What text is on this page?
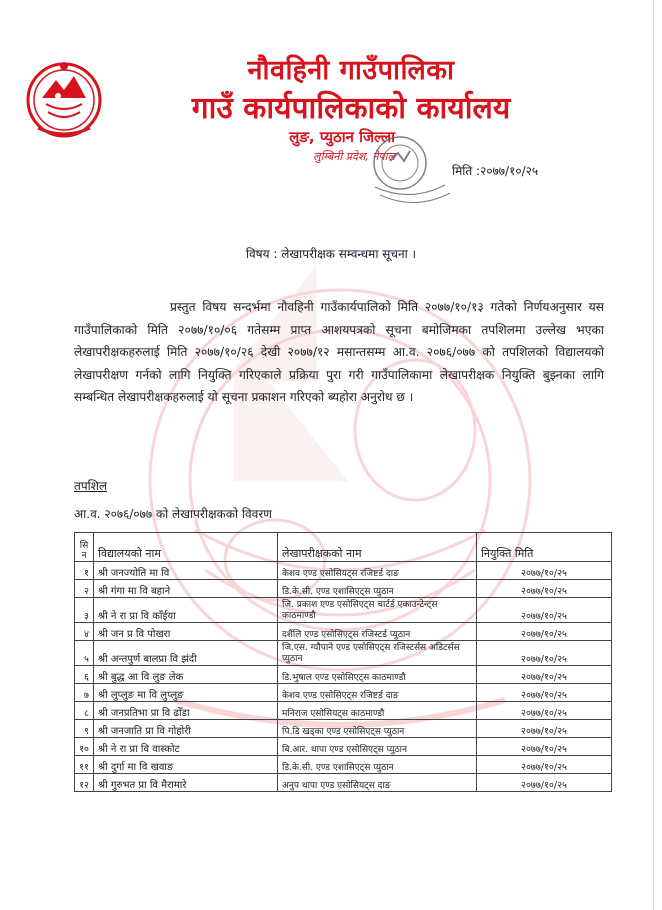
नौवहिनी गाउँपालिका
गाउँ कार्यपालिकाको कार्यालय
लुङ, प्युठान जिल्ला
लुम्बिनी प्रदेश, नेपाल
मिति :२०७७/१०/२५
विषय : लेखापरीक्षक सम्वन्धमा सूचना ।
प्रस्तुत विषय सन्दर्भमा नौवहिनी गाउँकार्यपालिको मिति २०७७/१०/१३ गतेको निर्णयअनुसार यस गाउँपालिकाको मिति २०७७/१०/०६ गतेसम्म प्राप्त आशयपत्रको सूचना बमोजिमका तपशिलमा उल्लेख भएका लेखापरीक्षकहरुलाई मिति २०७७/१०/२६ देखी २०७७/१२ मसान्तसम्म आ.व. २०७६/०७७ को तपशिलको विद्यालयको लेखापरीक्षण गर्नको लागि नियुक्ति गरिएकाले प्रक्रिया पुरा गरी गाउँपालिकामा लेखापरीक्षक नियुक्ति बुझ्नका लागि सम्बन्धित लेखापरीक्षकहरुलाई यो सूचना प्रकाशन गरिएको ब्यहोरा अनुरोध छ ।
तपशिल
आ.व. २०७६/०७७ को लेखापरीक्षकको विवरण
सि न	विद्यालयको नाम	लेखापरीक्षकको नाम	नियुक्ति मिति
१	श्री जनज्योति मा वि	केशव एण्ड एसोसियट्स रजिष्टर्ड दाङ	२०७७/१०/२५
२	श्री गंगा मा वि बहाने	डि.के.सी. एण्ड एशासिएट्स प्युठान	२०७७/१०/२५
३	श्री ने रा प्रा वि काँईया	जि. प्रकाश एण्ड एसोसिएट्स चार्टर्ड एकाउन्टेन्ट्स काठमाण्डौ	२०७७/१०/२५
४	श्री जन प्र वि पोखरा	दशैंलि एण्ड एसोसिएट्स रजिस्टर्ड प्युठान	२०७७/१०/२५
५	श्री अन्तपुर्ण बालप्रा वि झंदी	जि.एस. ग्यौपाने एण्ड एसोसिएट्स रजिस्टर्सस अडिटर्सस प्युठान	२०७७/१०/२५
६	श्री बुद्ध आ वि लुङ लेक	डि.भुषाल एण्ड एसोसिएट्स काठमाण्डौ	२०७७/१०/२५
७	श्री लुप्लुङ मा वि लुप्लुङ	केशव एण्ड एसोसिएट्स रजिष्टर्ड दाङ	२०७७/१०/२५
८	श्री जनप्रतिभा प्रा वि ढोँडा	मनिराज एसोसियट्स काठमाण्डौ	२०७७/१०/२५
९	श्री जनजाति प्रा वि गोहोरी	पि.डि खड्का एण्ड एसोसिएट्स प्युठान	२०७७/१०/२५
१०	श्री ने रा प्रा वि वास्कोट	बि.आर. थापा एण्ड एसोसिएट्स प्युठान	२०७७/१०/२५
११	श्री दुर्गा मा वि खवाङ	डि.के.सी. एण्ड एशासिएट्स प्युठान	२०७७/१०/२५
१२	श्री गुरुभत प्रा वि मैरामारे	अनुप थापा एण्ड एसोसियट्स दाङ	२०७७/१०/२५
